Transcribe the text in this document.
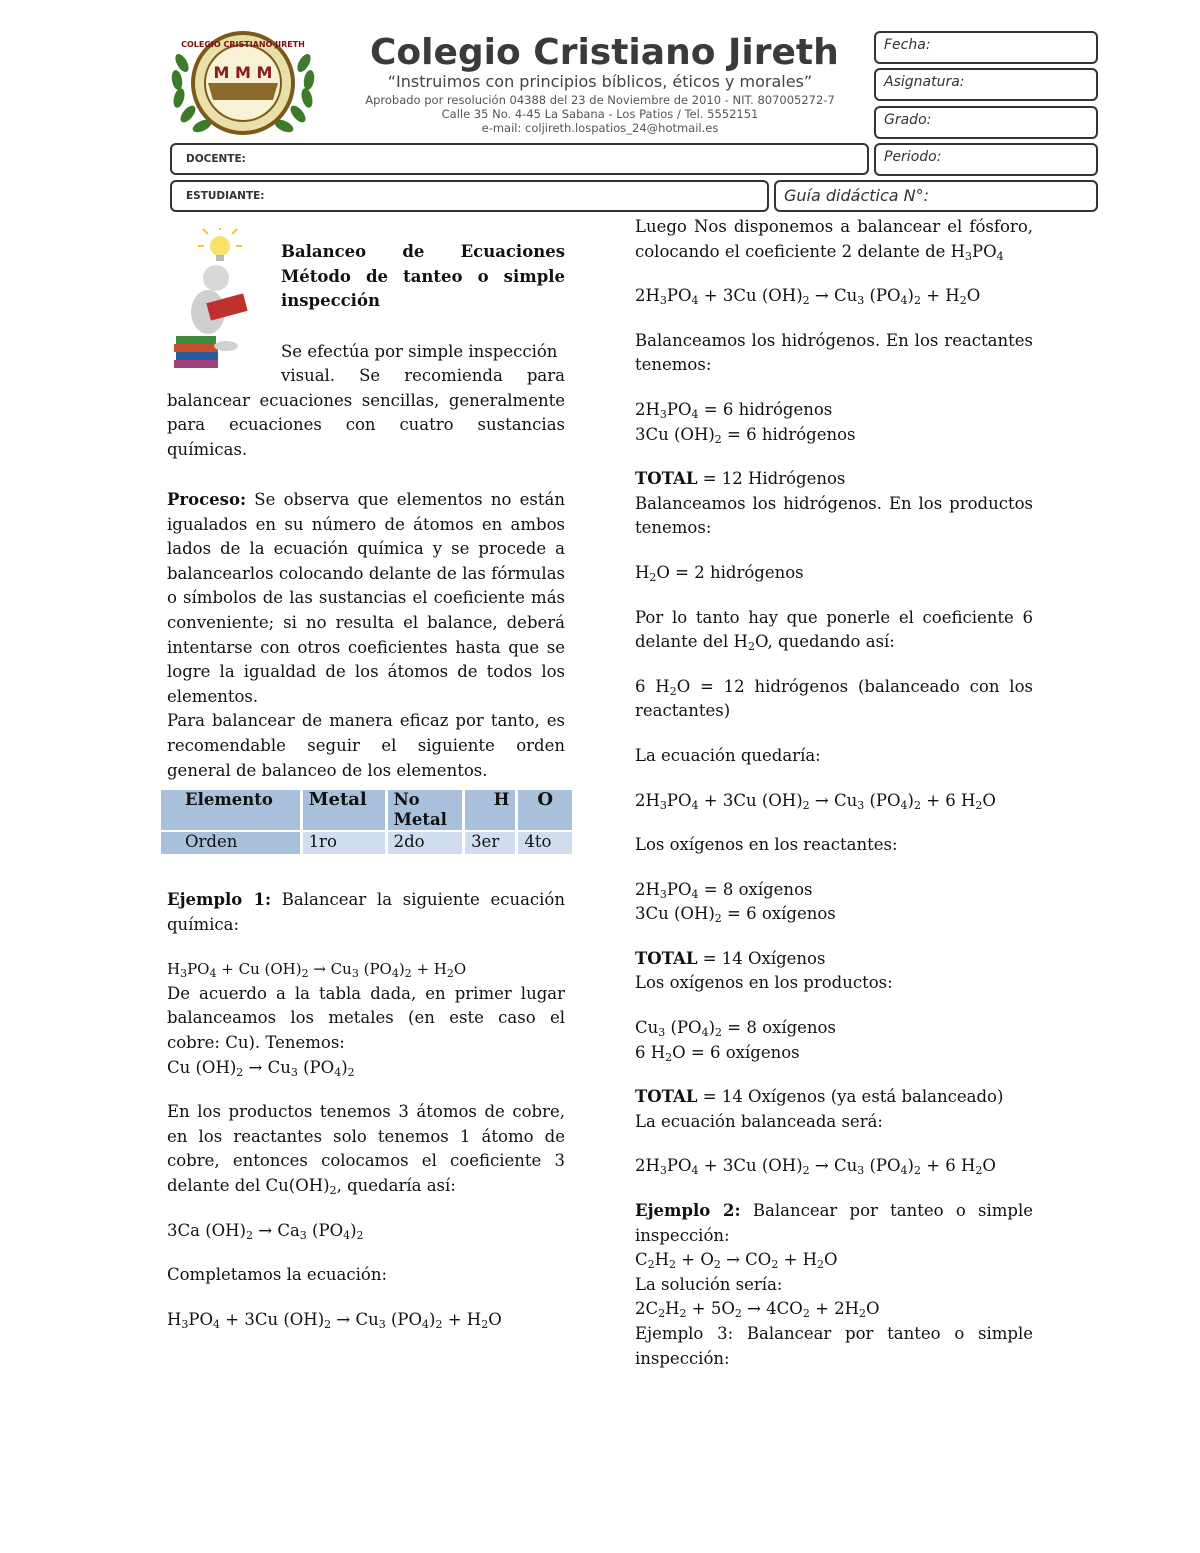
M M M
COLEGIO CRISTIANO JIRETH Colegio Cristiano Jireth
“Instruimos con principios bíblicos, éticos y morales”
Aprobado por resolución 04388 del 23 de Noviembre de 2010 - NIT. 807005272-7
Calle 35 No. 4-45 La Sabana - Los Patios / Tel. 5552151
e-mail: coljireth.lospatios_24@hotmail.es
Fecha:
Asignatura:
Grado:
DOCENTE:	Periodo:
ESTUDIANTE:	Guía didáctica N°:

Balanceo de Ecuaciones

Método de tanteo o simple

inspección

Se efectúa por simple inspección
visual. Se recomienda para balancear ecuaciones sencillas, generalmente para ecuaciones con cuatro sustancias químicas.

Proceso: Se observa que elementos no están igualados en su número de átomos en ambos lados de la ecuación química y se procede a balancearlos colocando delante de las fórmulas o símbolos de las sustancias el coeficiente más conveniente; si no resulta el balance, deberá intentarse con otros coeficientes hasta que se logre la igualdad de los átomos de todos los elementos.

Para balancear de manera eficaz por tanto, es recomendable seguir el siguiente orden general de balanceo de los elementos.

Elemento	Metal	No Metal	H	O
Orden	1ro	2do	3er	4to

Ejemplo 1: Balancear la siguiente ecuación química:

$H_3PO_4 + Cu$ $(OH)_2 \to Cu_3$ $(PO_4)_2 + H_2O$

De acuerdo a la tabla dada, en primer lugar balanceamos los metales (en este caso el cobre: Cu). Tenemos:

Cu $(OH)_2 \to Cu_3$ $(PO_4)_2$

En los productos tenemos 3 átomos de cobre, en los reactantes solo tenemos 1 átomo de cobre, entonces colocamos el coeficiente 3 delante del $Cu(OH)_2$, quedaría así:

3Ca $(OH)_2 \to Ca_3$ $(PO_4)_2$

Completamos la ecuación:

$H_3PO_4 + 3Cu$ $(OH)_2 \to Cu_3$ $(PO_4)_2 + H_2O$

Luego Nos disponemos a balancear el fósforo, colocando el coeficiente 2 delante de $H_3PO_4$

$2H_3PO_4 + 3Cu$ $(OH)_2 \to Cu_3$ $(PO_4)_2 + H_2O$

Balanceamos los hidrógenos. En los reactantes tenemos:

$2H_3PO_4 = 6$ hidrógenos

3Cu $(OH)_2 = 6$ hidrógenos

TOTAL = 12 Hidrógenos

Balanceamos los hidrógenos. En los productos tenemos:

$H_2O = 2$ hidrógenos

Por lo tanto hay que ponerle el coeficiente 6 delante del $H_2O$, quedando así:

6 $H_2O = 12$ hidrógenos (balanceado con los reactantes)

La ecuación quedaría:

$2H_3PO_4 + 3Cu$ $(OH)_2 \to Cu_3$ $(PO_4)_2 + 6$ $H_2O$

Los oxígenos en los reactantes:

$2H_3PO_4 = 8$ oxígenos

3Cu $(OH)_2 = 6$ oxígenos

TOTAL = 14 Oxígenos

Los oxígenos en los productos:

$Cu_3$ $(PO_4)_2 = 8$ oxígenos

6 $H_2O = 6$ oxígenos

TOTAL = 14 Oxígenos (ya está balanceado)

La ecuación balanceada será:

$2H_3PO_4 + 3Cu$ $(OH)_2 \to Cu_3$ $(PO_4)_2 + 6$ $H_2O$

Ejemplo 2: Balancear por tanteo o simple inspección:

$C_2H_2 + O_2 \to CO_2 + H_2O$

La solución sería:

$2C_2H_2 + 5O_2 \to 4CO_2 + 2H_2O$

Ejemplo 3: Balancear por tanteo o simple inspección:
